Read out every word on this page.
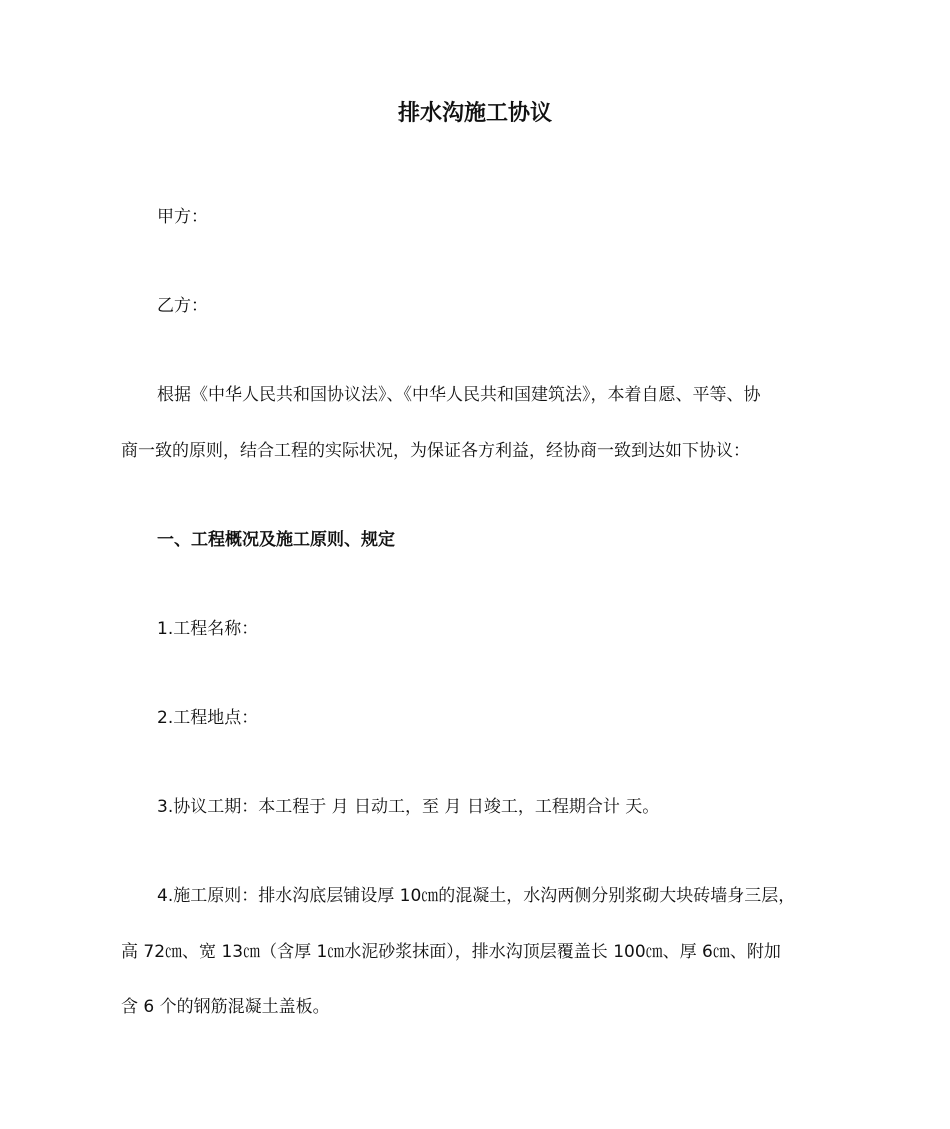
排水沟施工协议
甲方：
乙方：
根据《中华人民共和国协议法》、《中华人民共和国建筑法》，本着自愿、平等、协
商一致的原则，结合工程的实际状况，为保证各方利益，经协商一致到达如下协议：
一、工程概况及施工原则、规定
1.工程名称：
2.工程地点：
3.协议工期：本工程于 月 日动工，至 月 日竣工，工程期合计 天。
4.施工原则：排水沟底层铺设厚 10㎝的混凝土，水沟两侧分别浆砌大块砖墙身三层，
高 72㎝、宽 13㎝（含厚 1㎝水泥砂浆抹面），排水沟顶层覆盖长 100㎝、厚 6㎝、附加
含 6 个的钢筋混凝土盖板。
